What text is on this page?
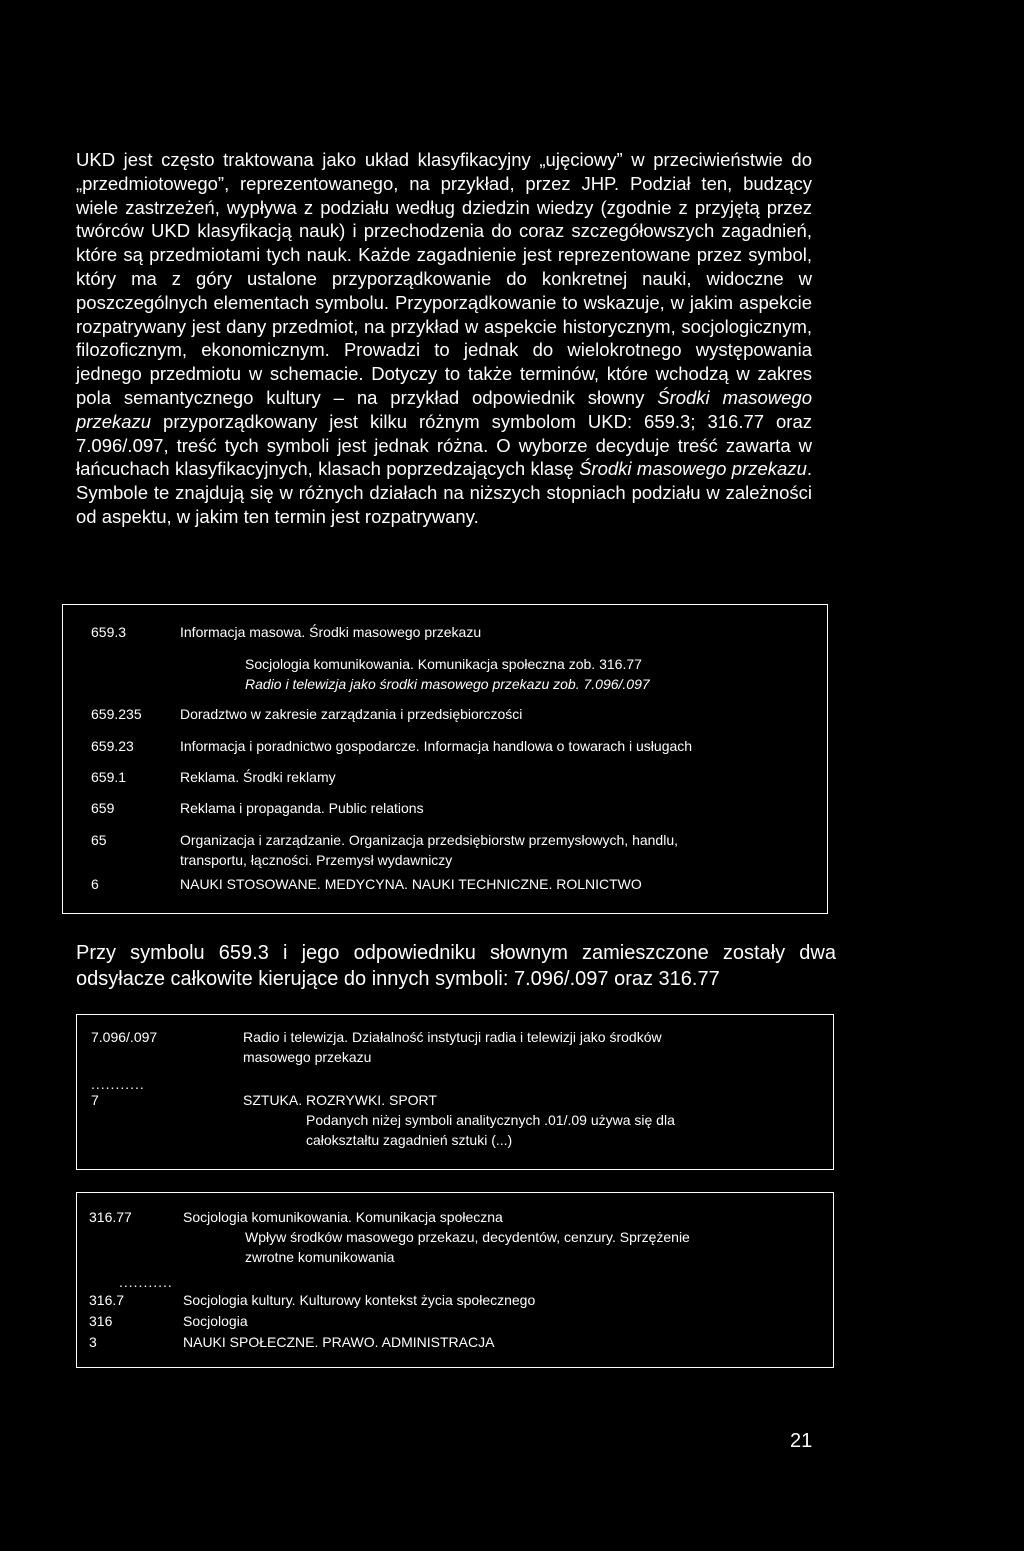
UKD jest często traktowana jako układ klasyfikacyjny „ujęciowy” w przeciwieństwie do „przedmiotowego”, reprezentowanego, na przykład, przez JHP. Podział ten, budzący wiele zastrzeżeń, wypływa z podziału według dziedzin wiedzy (zgodnie z przyjętą przez twórców UKD klasyfikacją nauk) i przechodzenia do coraz szczegółowszych zagadnień, które są przedmiotami tych nauk. Każde zagadnienie jest reprezentowane przez symbol, który ma z góry ustalone przyporządkowanie do konkretnej nauki, widoczne w poszczególnych elementach symbolu. Przyporządkowanie to wskazuje, w jakim aspekcie rozpatrywany jest dany przedmiot, na przykład w aspekcie historycznym, socjologicznym, filozoficznym, ekonomicznym. Prowadzi to jednak do wielokrotnego występowania jednego przedmiotu w schemacie. Dotyczy to także terminów, które wchodzą w zakres pola semantycznego kultury – na przykład odpowiednik słowny Środki masowego przekazu przyporządkowany jest kilku różnym symbolom UKD: 659.3; 316.77 oraz 7.096/.097, treść tych symboli jest jednak różna. O wyborze decyduje treść zawarta w łańcuchach klasyfikacyjnych, klasach poprzedzających klasę Środki masowego przekazu. Symbole te znajdują się w różnych działach na niższych stopniach podziału w zależności od aspektu, w jakim ten termin jest rozpatrywany.

659.3	Informacja masowa. Środki masowego przekazu
Socjologia komunikowania. Komunikacja społeczna zob. 316.77
Radio i telewizja jako środki masowego przekazu zob. 7.096/.097
659.235	Doradztwo w zakresie zarządzania i przedsiębiorczości
659.23	Informacja i poradnictwo gospodarcze. Informacja handlowa o towarach i usługach
659.1	Reklama. Środki reklamy
659	Reklama i propaganda. Public relations
65	Organizacja i zarządzanie. Organizacja przedsiębiorstw przemysłowych, handlu,
transportu, łączności. Przemysł wydawniczy
6	NAUKI STOSOWANE. MEDYCYNA. NAUKI TECHNICZNE. ROLNICTWO

Przy symbolu 659.3 i jego odpowiedniku słownym zamieszczone zostały dwa odsyłacze całkowite kierujące do innych symboli: 7.096/.097 oraz 316.77

7.096/.097	Radio i telewizja. Działalność instytucji radia i telewizji jako środków
masowego przekazu
...........
7	SZTUKA. ROZRYWKI. SPORT
Podanych niżej symboli analitycznych .01/.09 używa się dla
całokształtu zagadnień sztuki (...)
316.77	Socjologia komunikowania. Komunikacja społeczna
Wpływ środków masowego przekazu, decydentów, cenzury. Sprzężenie
zwrotne komunikowania
...........
316.7	Socjologia kultury. Kulturowy kontekst życia społecznego
316	Socjologia
3	NAUKI SPOŁECZNE. PRAWO. ADMINISTRACJA
21
